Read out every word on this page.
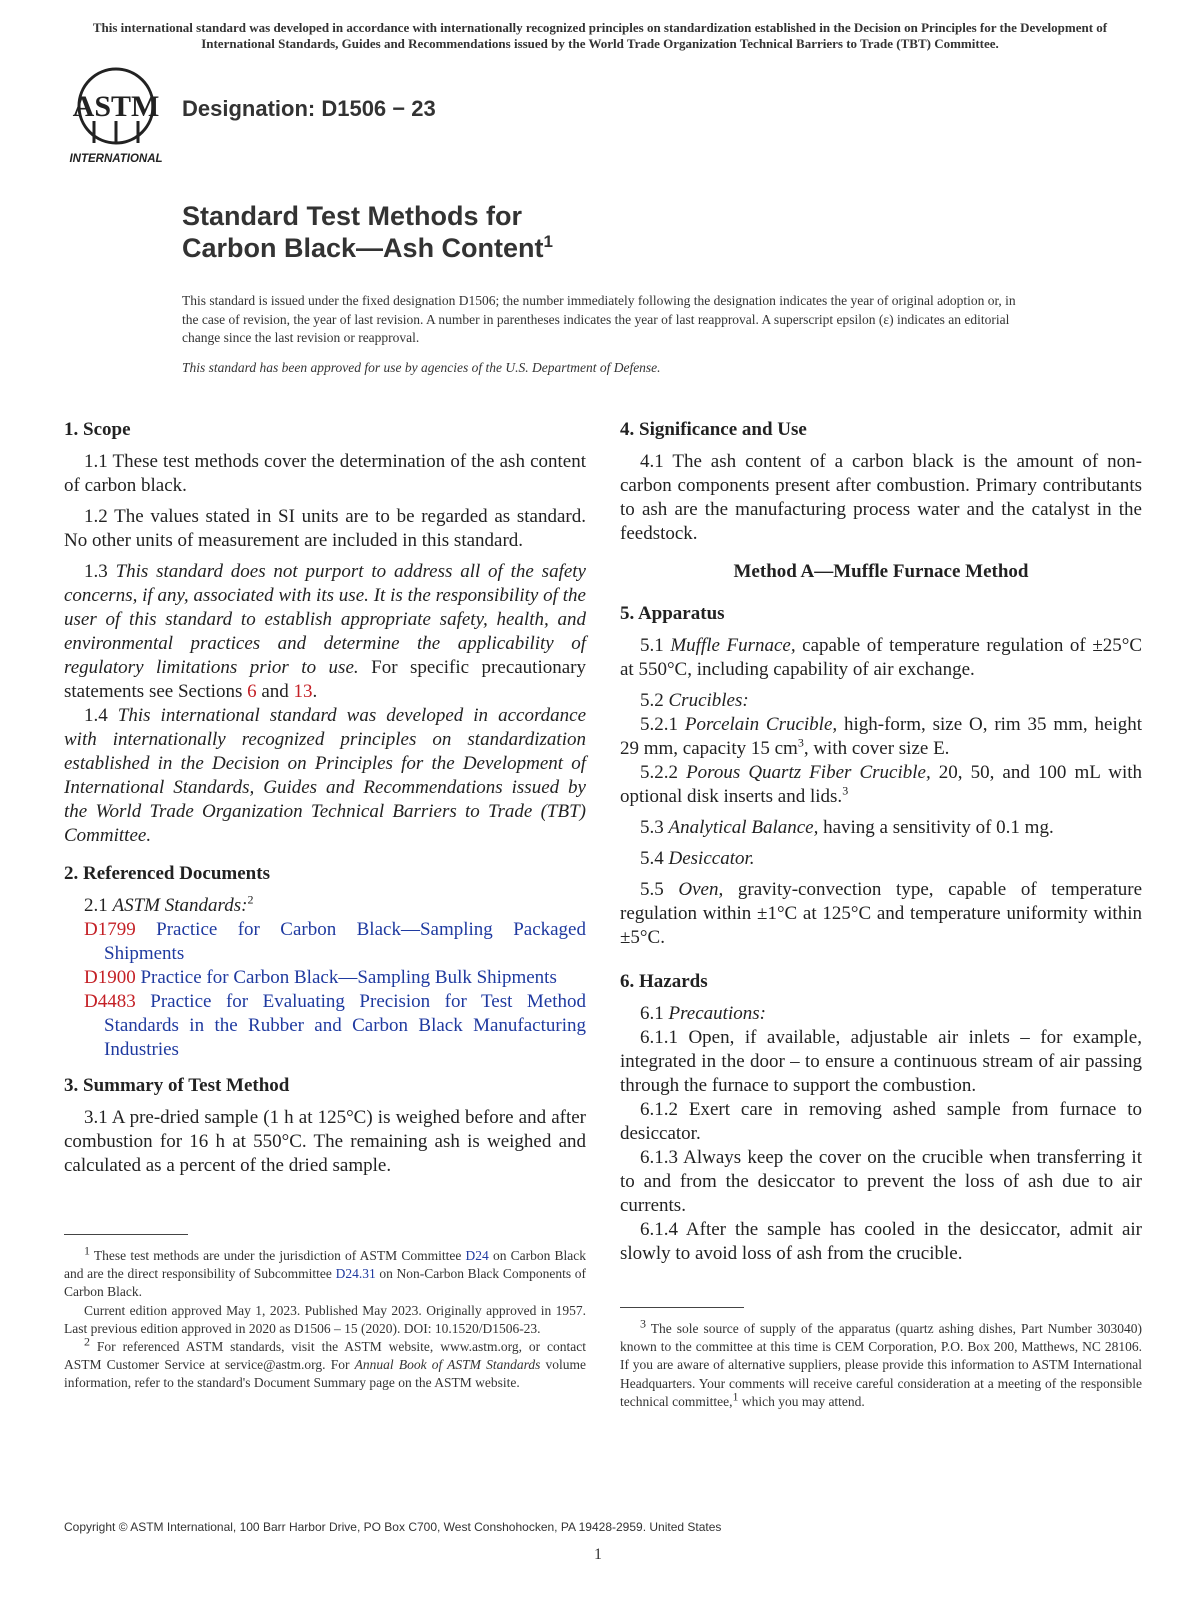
This international standard was developed in accordance with internationally recognized principles on standardization established in the Decision on Principles for the Development of International Standards, Guides and Recommendations issued by the World Trade Organization Technical Barriers to Trade (TBT) Committee.
ASTM
INTERNATIONAL
Designation: D1506 − 23
Standard Test Methods for
Carbon Black—Ash Content$^1$
This standard is issued under the fixed designation D1506; the number immediately following the designation indicates the year of original adoption or, in the case of revision, the year of last revision. A number in parentheses indicates the year of last reapproval. A superscript epsilon (ε) indicates an editorial change since the last revision or reapproval.
This standard has been approved for use by agencies of the U.S. Department of Defense.
1. Scope

1.1 These test methods cover the determination of the ash content of carbon black.

1.2 The values stated in SI units are to be regarded as standard. No other units of measurement are included in this standard.

1.3 This standard does not purport to address all of the safety concerns, if any, associated with its use. It is the responsibility of the user of this standard to establish appropriate safety, health, and environmental practices and determine the applicability of regulatory limitations prior to use. For specific precautionary statements see Sections 6 and 13.

1.4 This international standard was developed in accordance with internationally recognized principles on standardization established in the Decision on Principles for the Development of International Standards, Guides and Recommendations issued by the World Trade Organization Technical Barriers to Trade (TBT) Committee.

2. Referenced Documents

2.1 ASTM Standards:$^2$

D1799 Practice for Carbon Black—Sampling Packaged Shipments
D1900 Practice for Carbon Black—Sampling Bulk Shipments
D4483 Practice for Evaluating Precision for Test Method Standards in the Rubber and Carbon Black Manufacturing Industries
3. Summary of Test Method

3.1 A pre-dried sample (1 h at 125°C) is weighed before and after combustion for 16 h at 550°C. The remaining ash is weighed and calculated as a percent of the dried sample.

4. Significance and Use

4.1 The ash content of a carbon black is the amount of non-carbon components present after combustion. Primary contributants to ash are the manufacturing process water and the catalyst in the feedstock.

Method A—Muffle Furnace Method
5. Apparatus

5.1 Muffle Furnace, capable of temperature regulation of ±25°C at 550°C, including capability of air exchange.

5.2 Crucibles:

5.2.1 Porcelain Crucible, high-form, size O, rim 35 mm, height 29 mm, capacity 15 $cm^3$, with cover size E.

5.2.2 Porous Quartz Fiber Crucible, 20, 50, and 100 mL with optional disk inserts and lids.$^3$

5.3 Analytical Balance, having a sensitivity of 0.1 mg.

5.4 Desiccator.

5.5 Oven, gravity-convection type, capable of temperature regulation within ±1°C at 125°C and temperature uniformity within ±5°C.

6. Hazards

6.1 Precautions:

6.1.1 Open, if available, adjustable air inlets – for example, integrated in the door – to ensure a continuous stream of air passing through the furnace to support the combustion.

6.1.2 Exert care in removing ashed sample from furnace to desiccator.

6.1.3 Always keep the cover on the crucible when transferring it to and from the desiccator to prevent the loss of ash due to air currents.

6.1.4 After the sample has cooled in the desiccator, admit air slowly to avoid loss of ash from the crucible.

$^1$ These test methods are under the jurisdiction of ASTM Committee D24 on Carbon Black and are the direct responsibility of Subcommittee D24.31 on Non-Carbon Black Components of Carbon Black.

Current edition approved May 1, 2023. Published May 2023. Originally approved in 1957. Last previous edition approved in 2020 as D1506 – 15 (2020). DOI: 10.1520/D1506-23.

$^2$ For referenced ASTM standards, visit the ASTM website, www.astm.org, or contact ASTM Customer Service at service@astm.org. For Annual Book of ASTM Standards volume information, refer to the standard's Document Summary page on the ASTM website.

$^3$ The sole source of supply of the apparatus (quartz ashing dishes, Part Number 303040) known to the committee at this time is CEM Corporation, P.O. Box 200, Matthews, NC 28106. If you are aware of alternative suppliers, please provide this information to ASTM International Headquarters. Your comments will receive careful consideration at a meeting of the responsible technical committee,$^1$ which you may attend.

Copyright © ASTM International, 100 Barr Harbor Drive, PO Box C700, West Conshohocken, PA 19428-2959. United States
1
